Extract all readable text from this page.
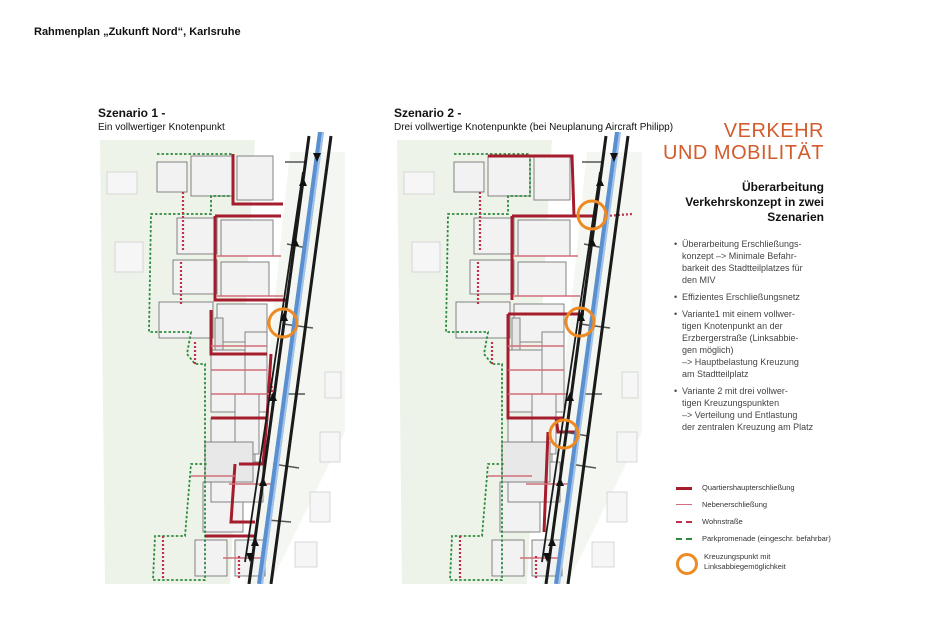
Rahmenplan „Zukunft Nord“, Karlsruhe
Szenario 1 -
Ein vollwertiger Knotenpunkt
Szenario 2 -
Drei vollwertige Knotenpunkte (bei Neuplanung Aircraft Philipp)	VERKEHR
UND MOBILITÄT
Überarbeitung Verkehrskonzept in zwei Szenarien
• Überarbeitung Erschließungs-
konzept –> Minimale Befahr-
barkeit des Stadtteilplatzes für
den MIV
• Effizientes Erschließungsnetz
• Variante1 mit einem vollwer-
tigen Knotenpunkt an der
Erzbergerstraße (Linksabbie-
gen möglich)
–> Hauptbelastung Kreuzung
am Stadtteilplatz
• Variante 2 mit drei vollwer-
tigen Kreuzungspunkten
–> Verteilung und Entlastung
der zentralen Kreuzung am Platz
Quartiershaupterschließung
Nebenerschließung
Wohnstraße
Parkpromenade (eingeschr. befahrbar)
Kreuzungspunkt mit
Linksabbiegemöglichkeit
